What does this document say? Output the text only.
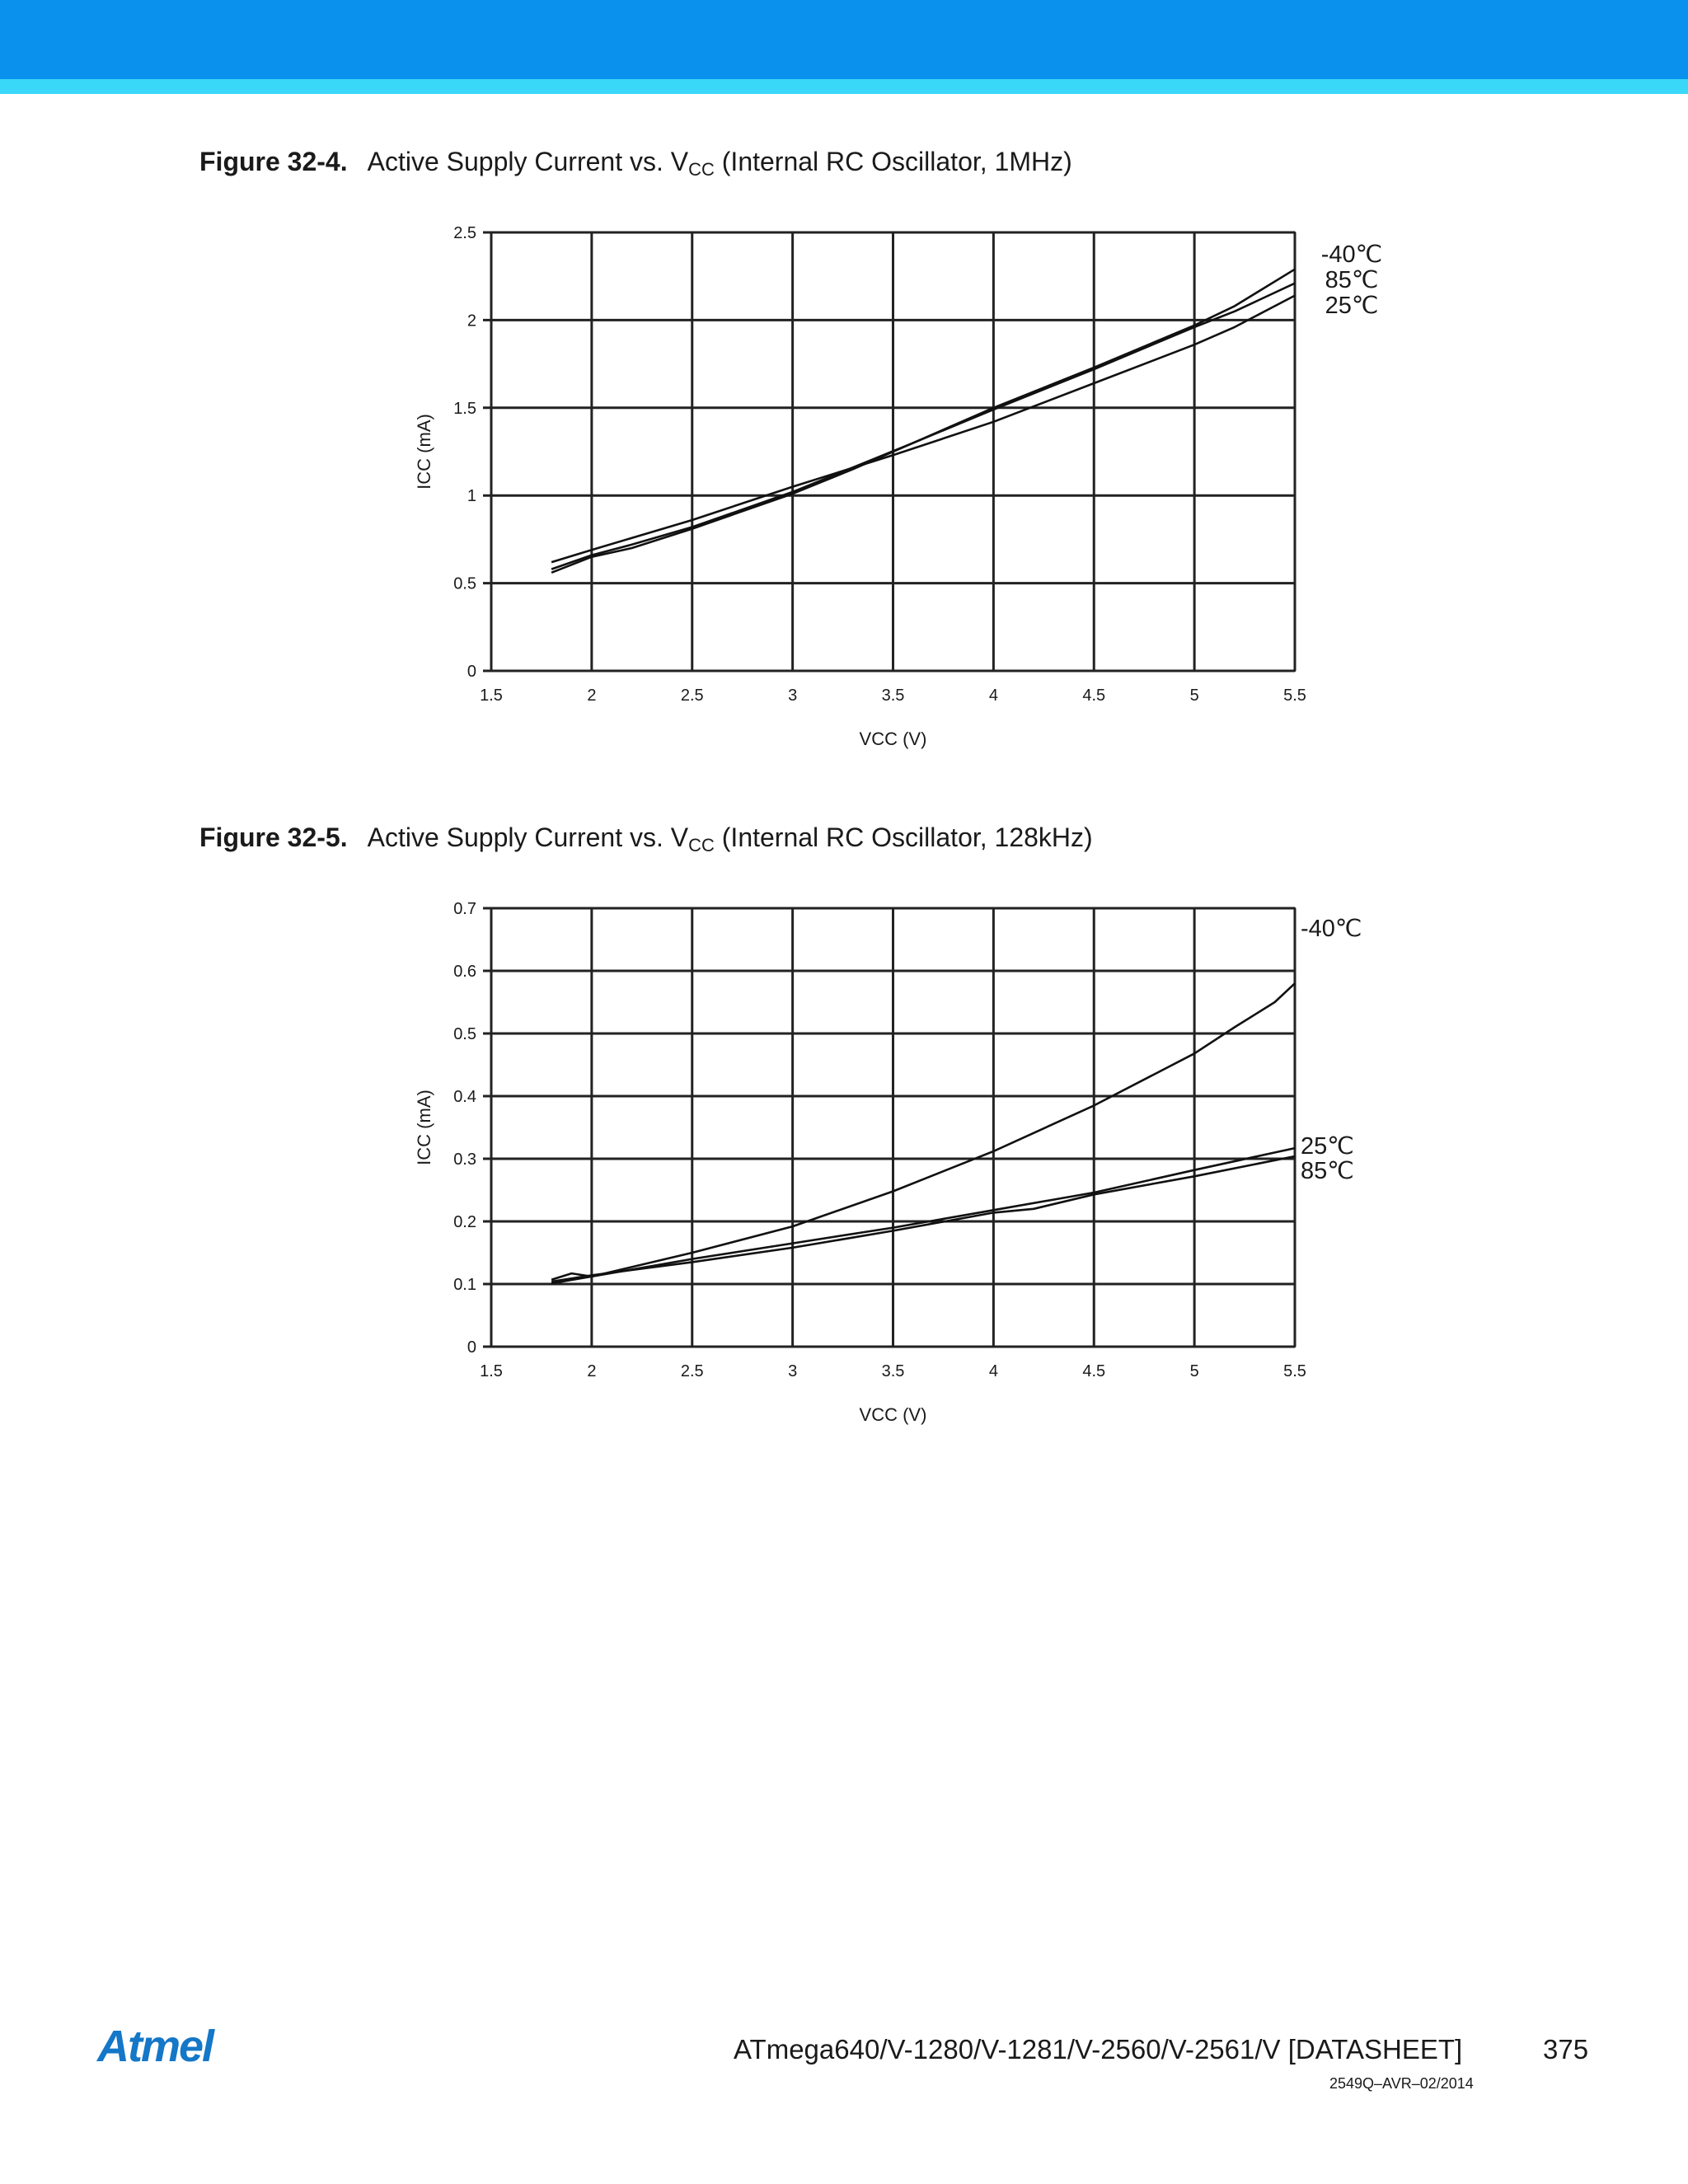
Figure 32-4. Active Supply Current vs. $V_{CC}$ (Internal RC Oscillator, 1MHz)
1.5	2	2.5	3	3.5	4	4.5	5	5.5
0
0.5
1
1.5
2
2.5
VCC (V)
ICC (mA)
-40℃
85℃
25℃
Figure 32-5. Active Supply Current vs. $V_{CC}$ (Internal RC Oscillator, 128kHz)
1.5	2	2.5	3	3.5	4	4.5	5	5.5
0
0.1
0.2
0.3
0.4
0.5
0.6
0.7
VCC (V)
ICC (mA)
-40℃
25℃
85℃
Atmel	ATmega640/V-1280/V-1281/V-2560/V-2561/V [DATASHEET]	375
2549Q–AVR–02/2014
